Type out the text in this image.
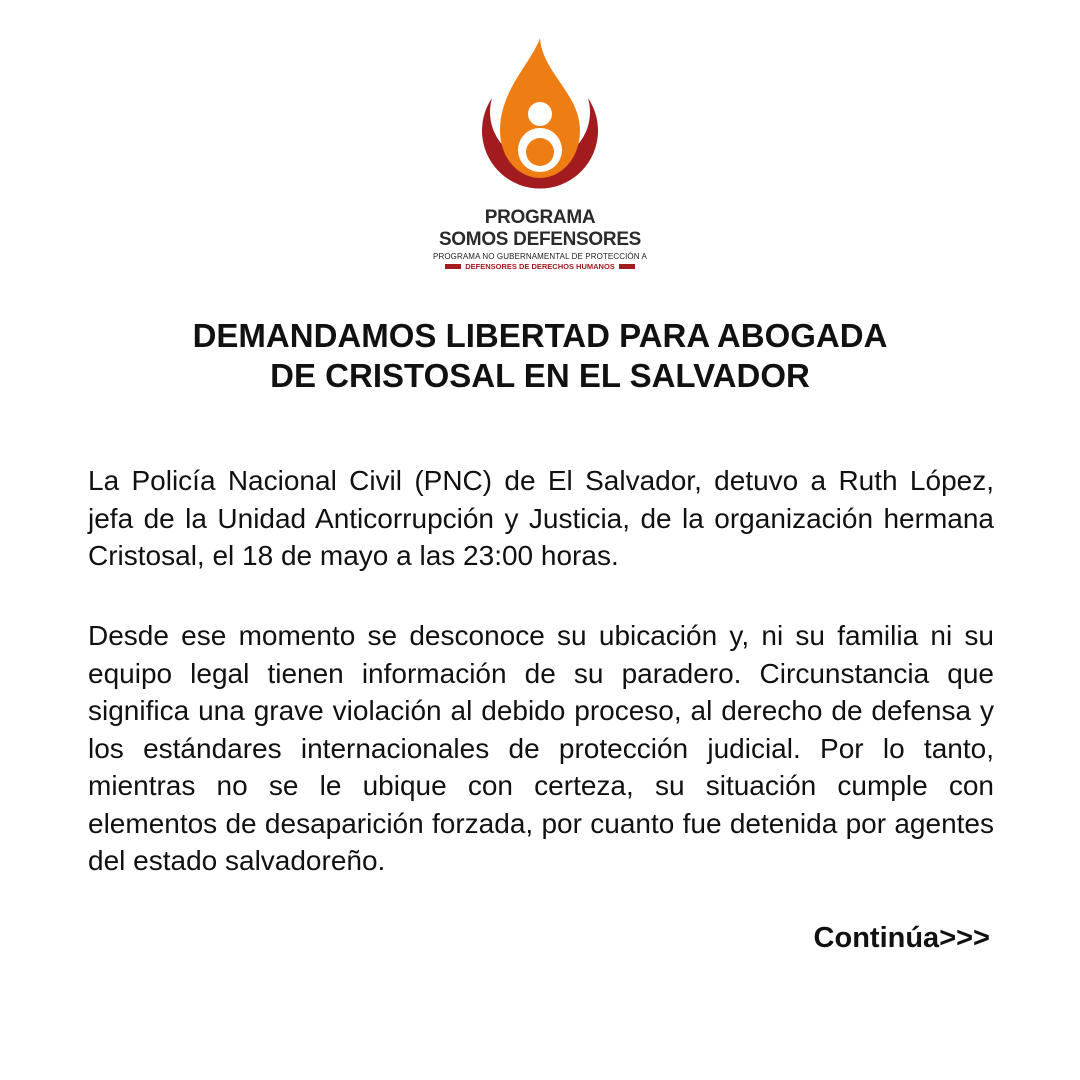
PROGRAMA
SOMOS DEFENSORES
PROGRAMA NO GUBERNAMENTAL DE PROTECCIÓN A
DEFENSORES DE DERECHOS HUMANOS
DEMANDAMOS LIBERTAD PARA ABOGADA
DE CRISTOSAL EN EL SALVADOR

La Policía Nacional Civil (PNC) de El Salvador, detuvo a Ruth López, jefa de la Unidad Anticorrupción y Justicia, de la organización hermana Cristosal, el 18 de mayo a las 23:00 horas.

Desde ese momento se desconoce su ubicación y, ni su familia ni su equipo legal tienen información de su paradero. Circunstancia que significa una grave violación al debido proceso, al derecho de defensa y los estándares internacionales de protección judicial. Por lo tanto, mientras no se le ubique con certeza, su situación cumple con elementos de desaparición forzada, por cuanto fue detenida por agentes del estado salvadoreño.

Continúa>>>
